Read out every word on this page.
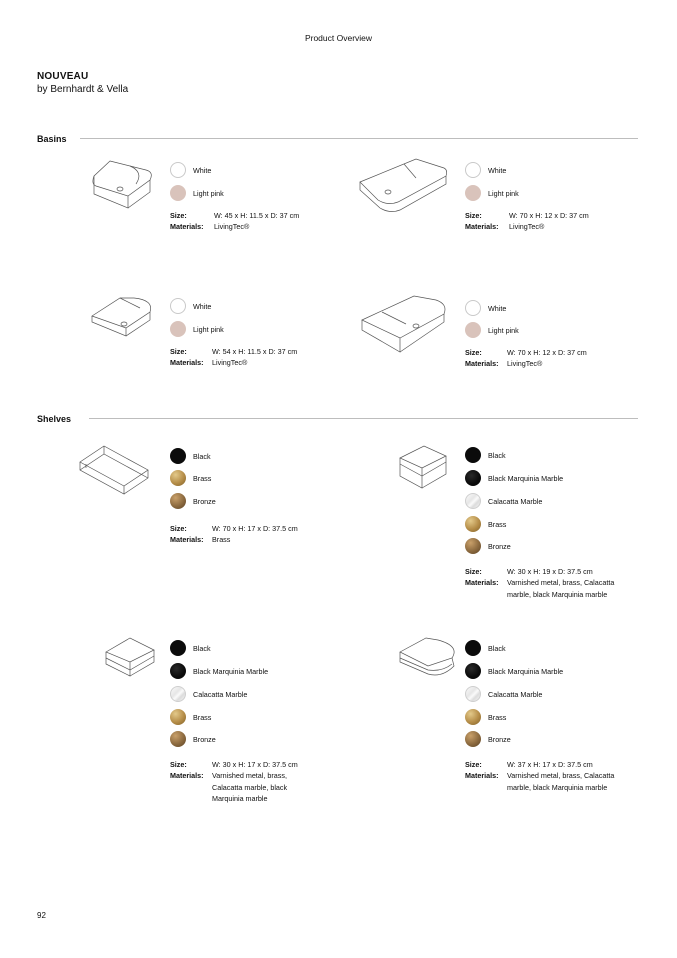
Product Overview
NOUVEAU
by Bernhardt & Vella
Basins
Shelves
White
Light pink
Size:	W: 45 x H: 11.5 x D: 37 cm
Materials: LivingTec®
White
Light pink
Size:	W: 70 x H: 12 x D: 37 cm
Materials: LivingTec®
White
Light pink
Size:	W: 54 x H: 11.5 x D: 37 cm
Materials: LivingTec®
White
Light pink
Size:	W: 70 x H: 12 x D: 37 cm
Materials: LivingTec®
Black
Brass
Bronze
Size:	W: 70 x H: 17 x D: 37.5 cm
Materials: Brass
Black
Black Marquinia Marble
Calacatta Marble
Brass
Bronze
Size:	W: 30 x H: 19 x D: 37.5 cm
Materials: Varnished metal, brass, Calacatta
marble, black Marquinia marble
Black
Black Marquinia Marble
Calacatta Marble
Brass
Bronze
Size:	W: 30 x H: 17 x D: 37.5 cm
Materials: Varnished metal, brass,
Calacatta marble, black
Marquinia marble
Black
Black Marquinia Marble
Calacatta Marble
Brass
Bronze
Size:	W: 37 x H: 17 x D: 37.5 cm
Materials: Varnished metal, brass, Calacatta
marble, black Marquinia marble
92
